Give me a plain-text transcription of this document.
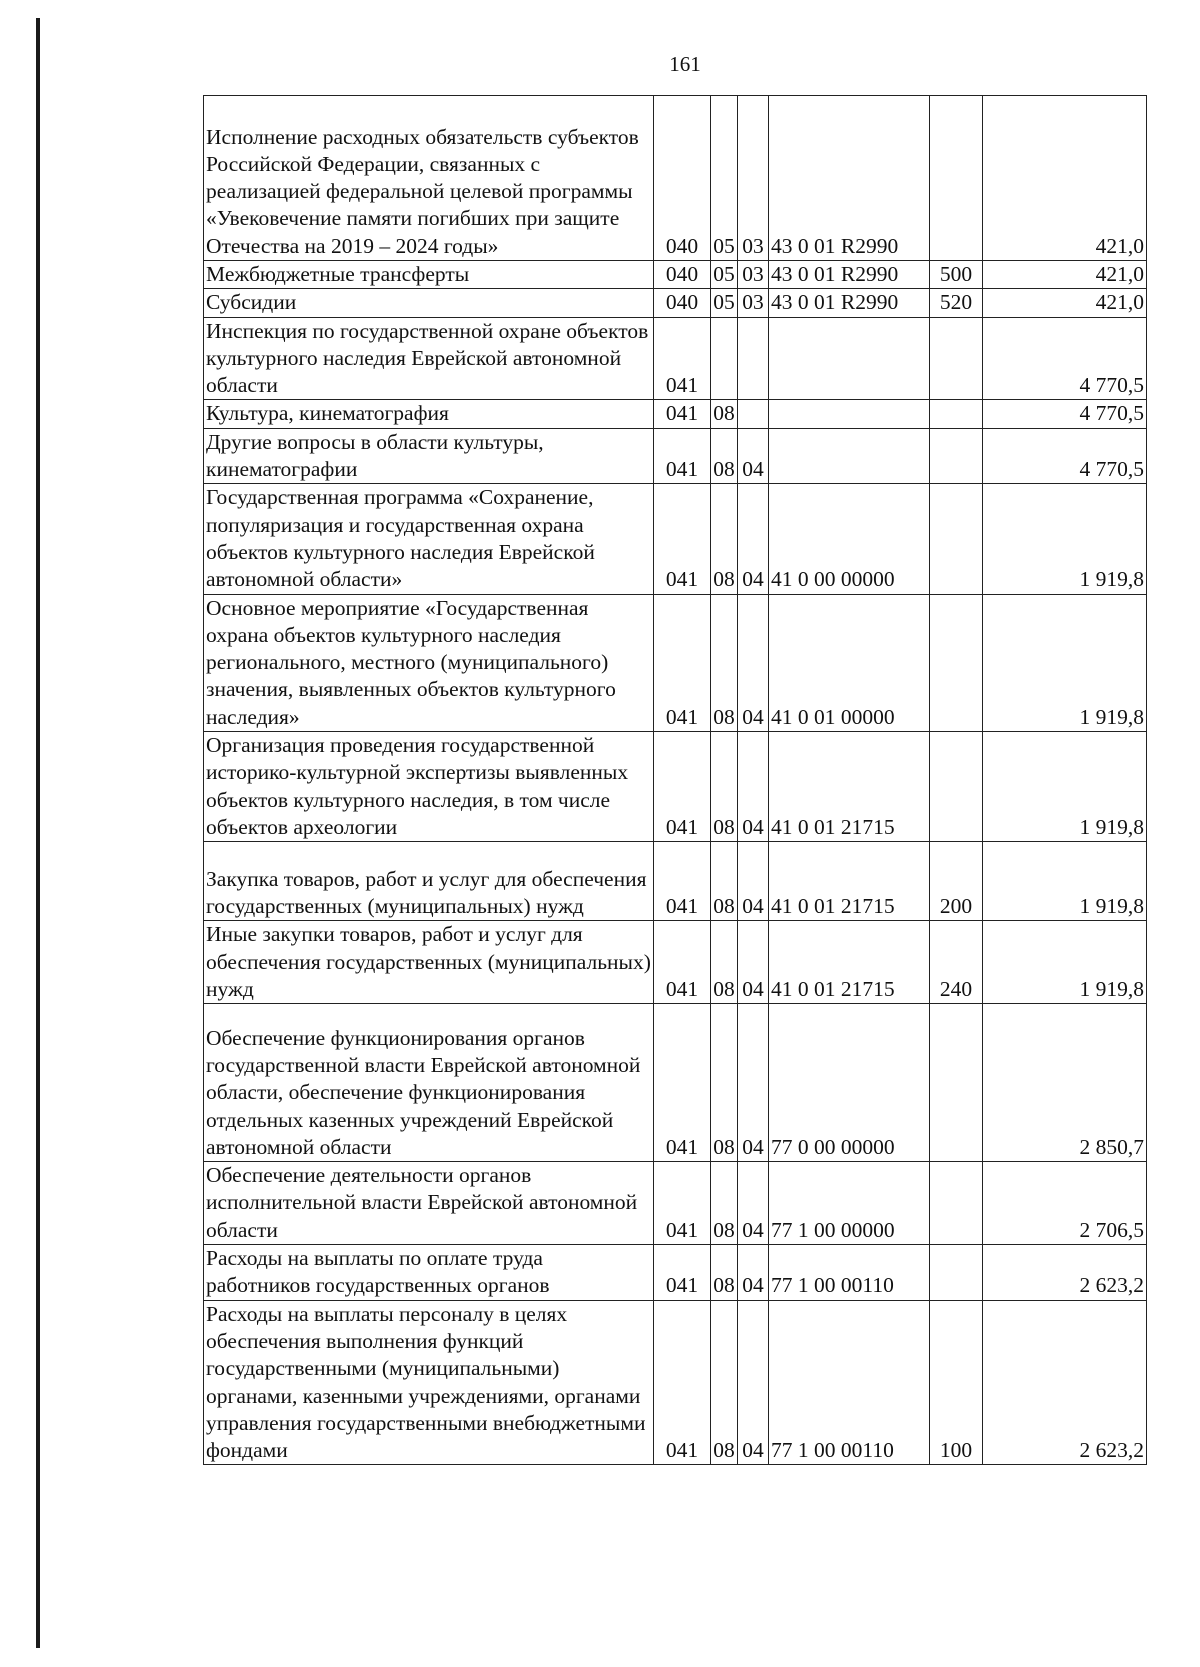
161
Исполнение расходных обязательств субъектов Российской Федерации, связанных с реализацией федеральной целевой программы «Увековечение памяти погибших при защите Отечества на 2019 – 2024 годы»	040	05	03	43 0 01 R2990		421,0
Межбюджетные трансферты	040	05	03	43 0 01 R2990	500	421,0
Субсидии	040	05	03	43 0 01 R2990	520	421,0
Инспекция по государственной охране объектов культурного наследия Еврейской автономной области	041					4 770,5
Культура, кинематография	041	08				4 770,5
Другие вопросы в области культуры, кинематографии	041	08	04			4 770,5
Государственная программа «Сохранение, популяризация и государственная охрана объектов культурного наследия Еврейской автономной области»	041	08	04	41 0 00 00000		1 919,8
Основное мероприятие «Государственная охрана объектов культурного наследия регионального, местного (муниципального) значения, выявленных объектов культурного наследия»	041	08	04	41 0 01 00000		1 919,8
Организация проведения государственной историко-культурной экспертизы выявленных объектов культурного наследия, в том числе объектов археологии	041	08	04	41 0 01 21715		1 919,8
Закупка товаров, работ и услуг для обеспечения государственных (муниципальных) нужд	041	08	04	41 0 01 21715	200	1 919,8
Иные закупки товаров, работ и услуг для обеспечения государственных (муниципальных) нужд	041	08	04	41 0 01 21715	240	1 919,8
Обеспечение функционирования органов государственной власти Еврейской автономной области, обеспечение функционирования отдельных казенных учреждений Еврейской автономной области	041	08	04	77 0 00 00000		2 850,7
Обеспечение деятельности органов исполнительной власти Еврейской автономной области	041	08	04	77 1 00 00000		2 706,5
Расходы на выплаты по оплате труда работников государственных органов	041	08	04	77 1 00 00110		2 623,2
Расходы на выплаты персоналу в целях обеспечения выполнения функций государственными (муниципальными) органами, казенными учреждениями, органами управления государственными внебюджетными фондами	041	08	04	77 1 00 00110	100	2 623,2
